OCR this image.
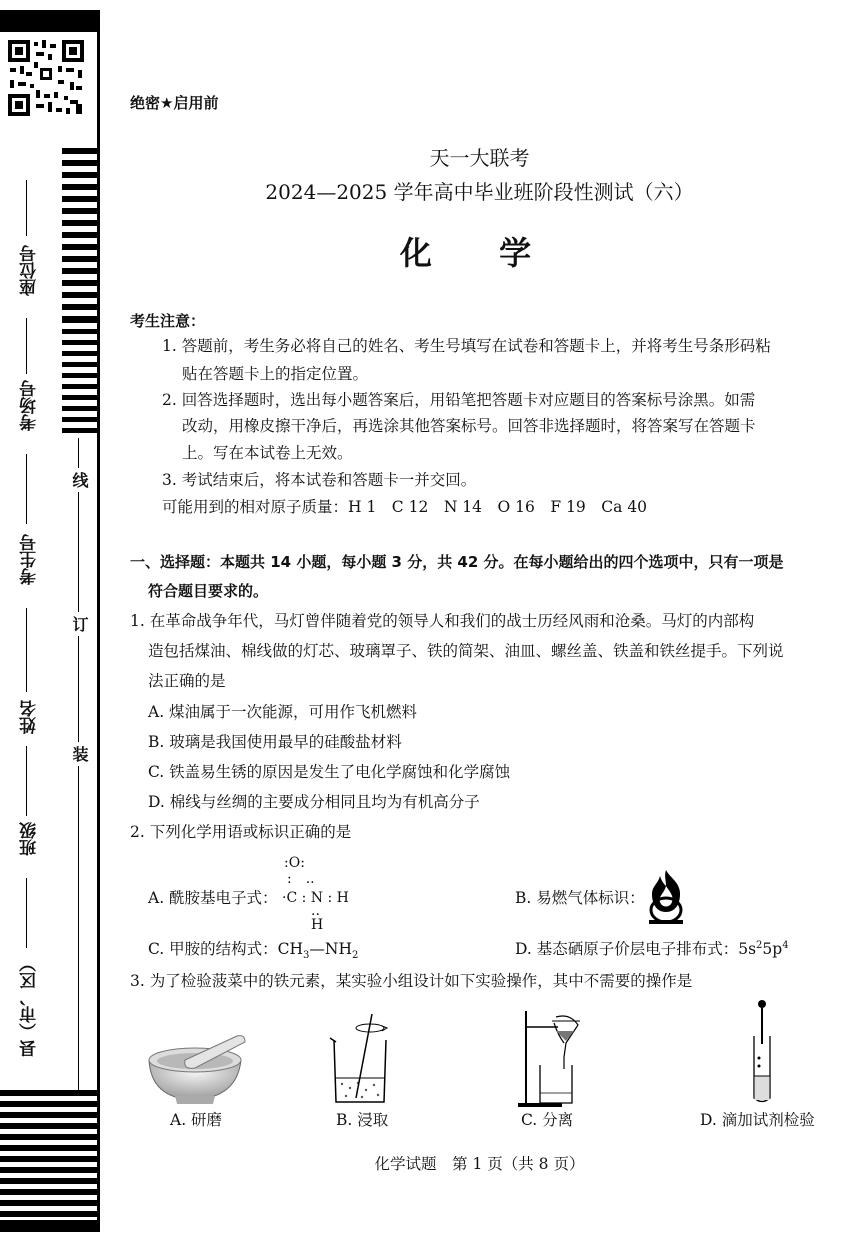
线
订
装
座位号
考场号
考生号
姓名
班级
县（市、区）
绝密★启用前
天一大联考
2024—2025 学年高中毕业班阶段性测试（六）
化 学
考生注意：
1. 答题前，考生务必将自己的姓名、考生号填写在试卷和答题卡上，并将考生号条形码粘
贴在答题卡上的指定位置。
2. 回答选择题时，选出每小题答案后，用铅笔把答题卡对应题目的答案标号涂黑。如需
改动，用橡皮擦干净后，再选涂其他答案标号。回答非选择题时，将答案写在答题卡
上。写在本试卷上无效。
3. 考试结束后，将本试卷和答题卡一并交回。
可能用到的相对原子质量：H 1　C 12　N 14　O 16　F 19　Ca 40
一、选择题：本题共 14 小题，每小题 3 分，共 42 分。在每小题给出的四个选项中，只有一项是
符合题目要求的。
1. 在革命战争年代，马灯曾伴随着党的领导人和我们的战士历经风雨和沧桑。马灯的内部构
造包括煤油、棉线做的灯芯、玻璃罩子、铁的简架、油皿、螺丝盖、铁盖和铁丝提手。下列说
法正确的是
A. 煤油属于一次能源，可用作飞机燃料
B. 玻璃是我国使用最早的硅酸盐材料
C. 铁盖易生锈的原因是发生了电化学腐蚀和化学腐蚀
D. 棉线与丝绸的主要成分相同且均为有机高分子
2. 下列化学用语或标识正确的是
A. 酰胺基电子式：
:O:
:　..
·C : N : H
..
H
B. 易燃气体标识：
C. 甲胺的结构式：$CH_3—NH_2$	D. 基态硒原子价层电子排布式：$5s^25p^4$
3. 为了检验菠菜中的铁元素，某实验小组设计如下实验操作，其中不需要的操作是
A. 研磨	B. 浸取	C. 分离	D. 滴加试剂检验
化学试题　第 1 页（共 8 页）
